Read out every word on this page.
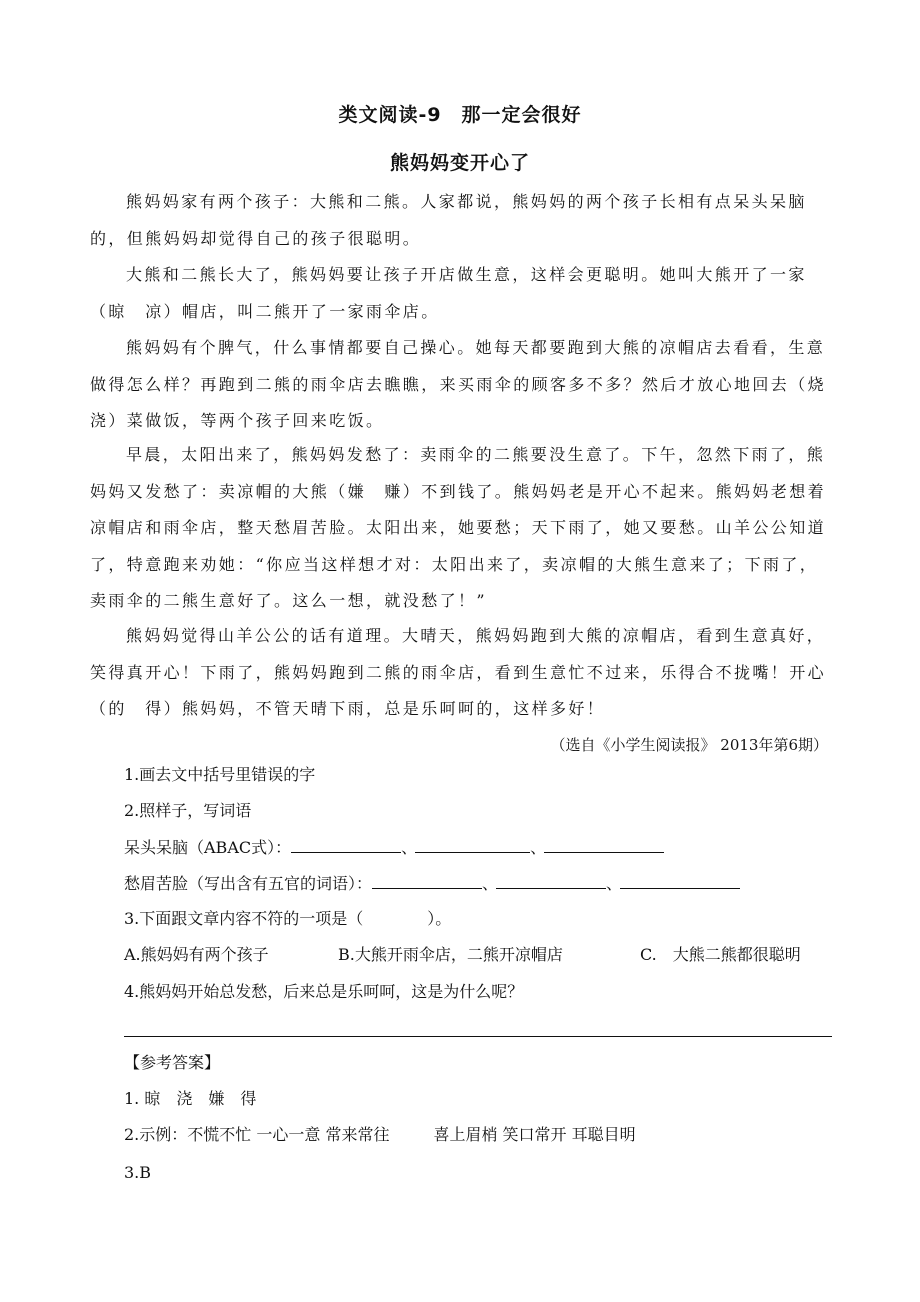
类文阅读-9　那一定会很好
熊妈妈变开心了
熊妈妈家有两个孩子：大熊和二熊。人家都说，熊妈妈的两个孩子长相有点呆头呆脑的，但熊妈妈却觉得自己的孩子很聪明。
大熊和二熊长大了，熊妈妈要让孩子开店做生意，这样会更聪明。她叫大熊开了一家（晾　凉）帽店，叫二熊开了一家雨伞店。
熊妈妈有个脾气，什么事情都要自己操心。她每天都要跑到大熊的凉帽店去看看，生意做得怎么样？再跑到二熊的雨伞店去瞧瞧，来买雨伞的顾客多不多？然后才放心地回去（烧浇）菜做饭，等两个孩子回来吃饭。
早晨，太阳出来了，熊妈妈发愁了：卖雨伞的二熊要没生意了。下午，忽然下雨了，熊妈妈又发愁了：卖凉帽的大熊（嫌　赚）不到钱了。熊妈妈老是开心不起来。熊妈妈老想着凉帽店和雨伞店，整天愁眉苦脸。太阳出来，她要愁；天下雨了，她又要愁。山羊公公知道了，特意跑来劝她：“你应当这样想才对：太阳出来了，卖凉帽的大熊生意来了；下雨了，卖雨伞的二熊生意好了。这么一想，就没愁了！”
熊妈妈觉得山羊公公的话有道理。大晴天，熊妈妈跑到大熊的凉帽店，看到生意真好，笑得真开心！下雨了，熊妈妈跑到二熊的雨伞店，看到生意忙不过来，乐得合不拢嘴！开心（的　得）熊妈妈，不管天晴下雨，总是乐呵呵的，这样多好！
（选自《小学生阅读报》 2013年第6期）
1.画去文中括号里错误的字
2.照样子，写词语
呆头呆脑（ABAC式）：	、	、
愁眉苦脸（写出含有五官的词语）：	、	、
3.下面跟文章内容不符的一项是（　　　　）。
A.熊妈妈有两个孩子	B.大熊开雨伞店，二熊开凉帽店	C.　大熊二熊都很聪明
4.熊妈妈开始总发愁，后来总是乐呵呵，这是为什么呢？
【参考答案】
1. 晾　浇　嫌　得
2.示例：不慌不忙 一心一意 常来常往	喜上眉梢 笑口常开 耳聪目明
3.B
